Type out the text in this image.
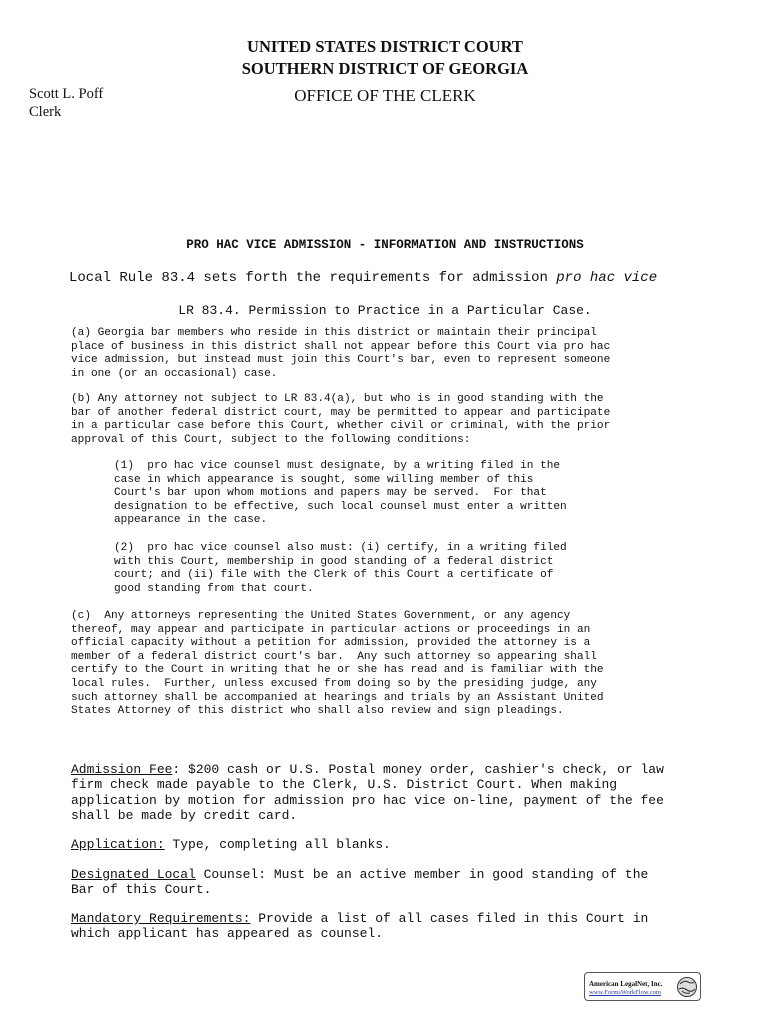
UNITED STATES DISTRICT COURT
SOUTHERN DISTRICT OF GEORGIA
OFFICE OF THE CLERK
Scott L. Poff
Clerk
PRO HAC VICE ADMISSION - INFORMATION AND INSTRUCTIONS
Local Rule 83.4 sets forth the requirements for admission pro hac vice
LR 83.4. Permission to Practice in a Particular Case.
(a) Georgia bar members who reside in this district or maintain their principal
place of business in this district shall not appear before this Court via pro hac
vice admission, but instead must join this Court's bar, even to represent someone
in one (or an occasional) case.
(b) Any attorney not subject to LR 83.4(a), but who is in good standing with the
bar of another federal district court, may be permitted to appear and participate
in a particular case before this Court, whether civil or criminal, with the prior
approval of this Court, subject to the following conditions:
(1)  pro hac vice counsel must designate, by a writing filed in the
case in which appearance is sought, some willing member of this
Court's bar upon whom motions and papers may be served.  For that
designation to be effective, such local counsel must enter a written
appearance in the case.
(2)  pro hac vice counsel also must: (i) certify, in a writing filed
with this Court, membership in good standing of a federal district
court; and (ii) file with the Clerk of this Court a certificate of
good standing from that court.
(c)  Any attorneys representing the United States Government, or any agency
thereof, may appear and participate in particular actions or proceedings in an
official capacity without a petition for admission, provided the attorney is a
member of a federal district court's bar.  Any such attorney so appearing shall
certify to the Court in writing that he or she has read and is familiar with the
local rules.  Further, unless excused from doing so by the presiding judge, any
such attorney shall be accompanied at hearings and trials by an Assistant United
States Attorney of this district who shall also review and sign pleadings.
Admission Fee: $200 cash or U.S. Postal money order, cashier's check, or law
firm check made payable to the Clerk, U.S. District Court. When making
application by motion for admission pro hac vice on-line, payment of the fee
shall be made by credit card.
Application: Type, completing all blanks.
Designated Local Counsel: Must be an active member in good standing of the
Bar of this Court.
Mandatory Requirements: Provide a list of all cases filed in this Court in
which applicant has appeared as counsel.
American LegalNet, Inc.
www.FormsWorkFlow.com
